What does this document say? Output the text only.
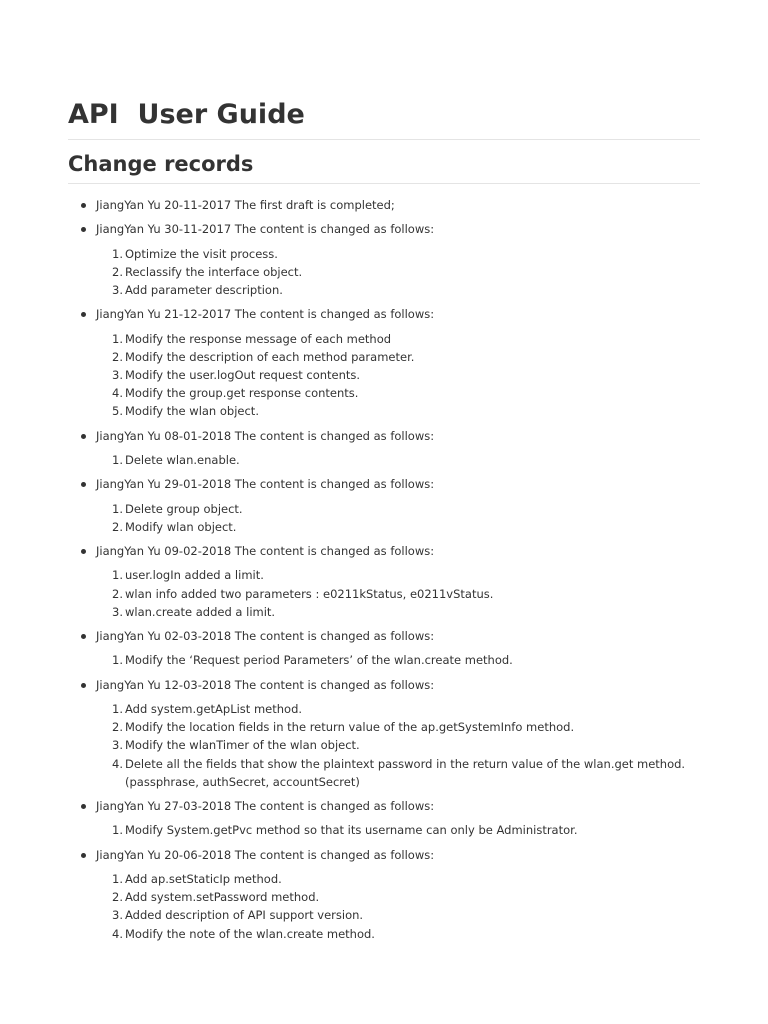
API  User Guide
Change records
JiangYan Yu 20-11-2017 The first draft is completed;
JiangYan Yu 30-11-2017 The content is changed as follows:
Optimize the visit process.
Reclassify the interface object.
Add parameter description.
JiangYan Yu 21-12-2017 The content is changed as follows:
Modify the response message of each method
Modify the description of each method parameter.
Modify the user.logOut request contents.
Modify the group.get response contents.
Modify the wlan object.
JiangYan Yu 08-01-2018 The content is changed as follows:
Delete wlan.enable.
JiangYan Yu 29-01-2018 The content is changed as follows:
Delete group object.
Modify wlan object.
JiangYan Yu 09-02-2018 The content is changed as follows:
user.logIn added a limit.
wlan info added two parameters : e0211kStatus, e0211vStatus.
wlan.create added a limit.
JiangYan Yu 02-03-2018 The content is changed as follows:
Modify the ‘Request period Parameters’ of the wlan.create method.
JiangYan Yu 12-03-2018 The content is changed as follows:
Add system.getApList method.
Modify the location fields in the return value of the ap.getSystemInfo method.
Modify the wlanTimer of the wlan object.
Delete all the fields that show the plaintext password in the return value of the wlan.get method. (passphrase, authSecret, accountSecret)
JiangYan Yu 27-03-2018 The content is changed as follows:
Modify System.getPvc method so that its username can only be Administrator.
JiangYan Yu 20-06-2018 The content is changed as follows:
Add ap.setStaticIp method.
Add system.setPassword method.
Added description of API support version.
Modify the note of the wlan.create method.
